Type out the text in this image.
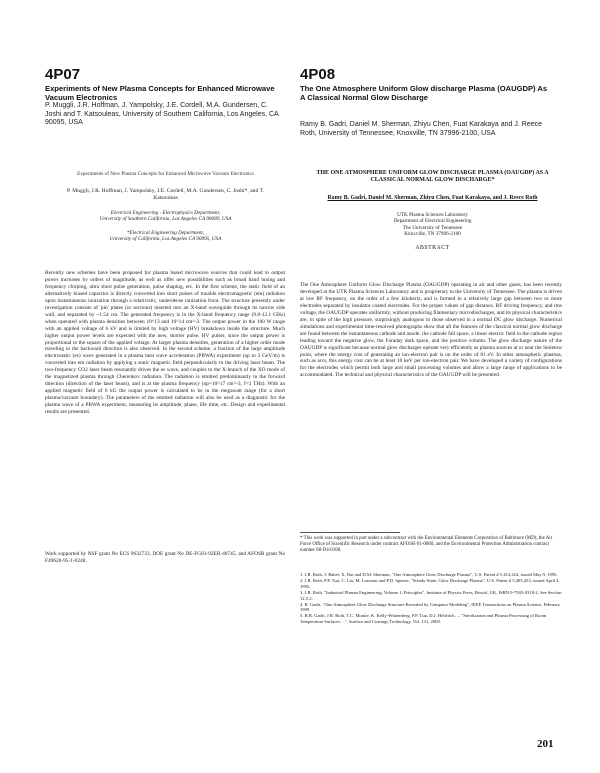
4P07
Experiments of New Plasma Concepts for Enhanced Microwave Vacuum Electronics
P. Muggli, J.R. Hoffman, J. Yampolsky, J.E. Cordell, M.A. Gundersen, C. Joshi and T. Katsouleas, University of Southern California, Los Angeles, CA 90095, USA
Experiments of New Plasma Concepts for Enhanced Microwave Vacuum Electronics
P. Muggli, J.R. Hoffman, J. Yampolsky, J.E. Cordell, M.A. Gundersen, C. Joshi*, and T. Katsouleas
Electrical Engineering - Electrophysics Department,
University of Southern California, Los Angeles CA 90089, USA
*Electrical Engineering Department,
University of California, Los Angeles CA 90095, USA
Recently new schemes have been proposed for plasma based microwave sources that could lead to output power increases by orders of magnitude, as well as offer new possibilities such as broad band tuning and frequency chirping, ultra short pulse generation, pulse shaping, etc. In the first scheme, the static field of an alternatively biased capacitor is directly converted into short pulses of tunable electromagnetic (em) radiation upon instantaneous ionization through a relativistic, underdense ionization front. The structure presently under investigation consists of 'pin' plates (or sections) inserted into an X-band waveguide through its narrow side wall, and separated by ~1.54 cm. The generated frequency is in the X-band frequency range (9.8-12.1 GHz) when operated with plasma densities between 10^13 and 10^14 cm^-3. The output power in the 100 W range with an applied voltage of 6 kV and is limited by high voltage (HV) breakdown inside the structure. Much higher output power levels are expected with the new, shorter pulse, HV pulser, since the output power is proportional to the square of the applied voltage. At larger plasma densities, generation of a higher order mode traveling in the backward direction is also observed. In the second scheme, a fraction of the large amplitude electrostatic (es) wave generated in a plasma beat wave acceleration (PBWA) experiment (up to 3 GeV/m) is converted into em radiation by applying a static magnetic field perpendicularly to the driving laser beam. The two-frequency CO2 laser beam resonantly drives the es wave, and couples to the X-branch of the XO mode of the magnetized plasma through Cherenkov radiation. The radiation is emitted predominantly in the forward direction (direction of the laser beam), and is at the plasma frequency (np=10^17 cm^-3, f=3 THz). With an applied magnetic field of 6 kG the output power is calculated to be in the megawatt range (for a short plasma/vacuum boundary). The parameters of the emitted radiation will also be used as a diagnostic for the plasma wave of a PBWA experiment, measuring its amplitude, phase, life time, etc. Design and experimental results are presented.
Work supported by NSF grant No ECS 9632733, DOE grant No DE-FG03-92ER-40745, and AFOSR grant No F49620-95-1-0248.
4P08
The One Atmosphere Uniform Glow discharge Plasma (OAUGDP) As A Classical Normal Glow Discharge
Ramy B. Gadri, Daniel M. Sherman, Zhiyu Chen, Fuat Karakaya and J. Reece Roth, University of Tennessee, Knoxville, TN 37996-2100, USA
THE ONE ATMOSPHERE UNIFORM GLOW DISCHARGE PLASMA (OAUGDP) AS A CLASSICAL NORMAL GLOW DISCHARGE*
Ramy B. Gadri, Daniel M. Sherman, Zhiyu Chen, Fuat Karakaya, and J. Reece Roth
UTK Plasma Sciences Laboratory
Department of Electrical Engineering
The University of Tennessee
Knoxville, TN 37996-2100
ABSTRACT
The One Atmosphere Uniform Glow Discharge Plasma (OAUGDP) operating in air and other gases, has been recently developed at the UTK Plasma Sciences Laboratory and is proprietary to the University of Tennessee. The plasma is driven at low RF frequency, on the order of a few kilohertz, and is formed in a relatively large gap between two or more electrodes separated by insulator coated electrodes. For the proper values of gap distance, RF driving frequency, and rms voltage, the OAUGDP operates uniformly, without producing filamentary microdischarges, and its physical characteristics are, in spite of the high pressure, surprisingly analogous to those observed in a normal DC glow discharge. Numerical simulations and experimental time-resolved photographs show that all the features of the classical normal glow discharge are found between the instantaneous cathode and anode: the cathode fall space, a linear electric field in the cathode region leading toward the negative glow, the Faraday dark space, and the positive column. The glow discharge nature of the OAUGDP is significant because normal glow discharges operate very efficiently as plasma sources at or near the Stoletow point, where the energy cost of generating an ion-electron pair is on the order of 81 eV. In other atmospheric plasmas, such as arcs, this energy cost can be at least 10 keV per ion-electron pair. We have developed a variety of configurations for the electrodes which permit both large and small processing volumes and allow a large range of applications to be accommodated. The technical and physical characteristics of the OAUGDP will be presented.
* This work was supported in part under a subcontract with the Environmental Elements Corporation of Baltimore (MD), the Air Force Office of Scientific Research under contract AFOSR-91-0080, and the Environmental Protection Administration contract number 68-D4-0108.
1. J.R. Roth, J. Rahel, X. Dai and D.M. Sherman, "One Atmosphere Glow Discharge Plasma", U.S. Patent # 5,414,324, issued May 9, 1995.
2. J.R. Roth, P.P. Tsai, C. Liu, M. Laroussi and P.D. Spence, "Steady-State, Glow Discharge Plasma", U.S. Patent # 5,403,453, issued April 4, 1995.
3. J.R. Roth, "Industrial Plasma Engineering, Volume 1: Principles", Institute of Physics Press, Bristol, UK, ISBN 0-7503-0318-2, See Section 12.5.2.
4. R. Gadri, "One Atmosphere Glow Discharge Structure Revealed by Computer Modeling", IEEE Transactions on Plasma Science, February 1999.
5. R.B. Gadri, J.R. Roth, T.C. Montie, K. Kelly-Wintenberg, P.P. Tsai, D.J. Helfritch, ... "Sterilization and Plasma Processing of Room Temperature Surfaces ...", Surface and Coatings Technology, Vol. 131, 2000.
201
